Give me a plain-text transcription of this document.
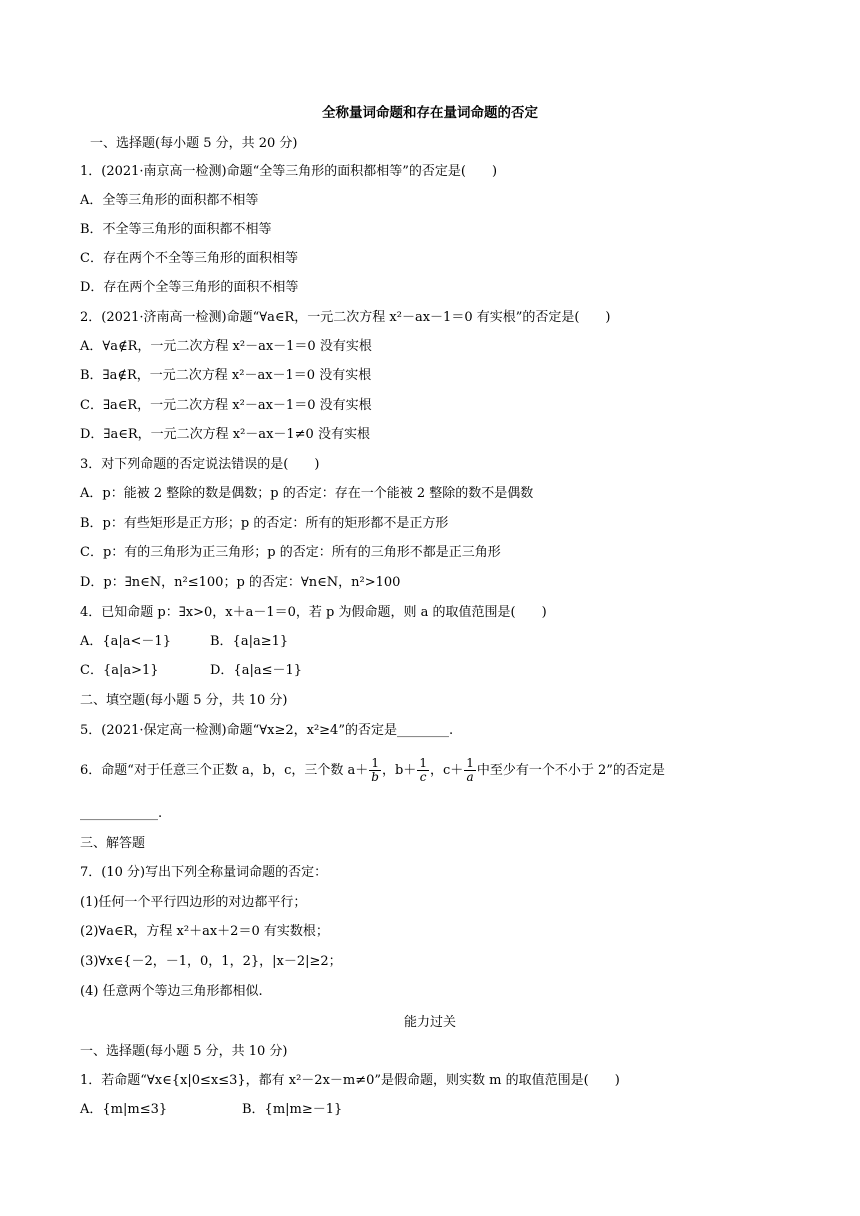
全称量词命题和存在量词命题的否定
一、选择题(每小题 5 分，共 20 分)
1．(2021·南京高一检测)命题“全等三角形的面积都相等”的否定是(　　)
A．全等三角形的面积都不相等
B．不全等三角形的面积都不相等
C．存在两个不全等三角形的面积相等
D．存在两个全等三角形的面积不相等
2．(2021·济南高一检测)命题“∀a∈R，一元二次方程 x²－ax－1＝0 有实根”的否定是(　　)
A．∀a∉R，一元二次方程 x²－ax－1＝0 没有实根
B．∃a∉R，一元二次方程 x²－ax－1＝0 没有实根
C．∃a∈R，一元二次方程 x²－ax－1＝0 没有实根
D．∃a∈R，一元二次方程 x²－ax－1≠0 没有实根
3．对下列命题的否定说法错误的是(　　)
A．p：能被 2 整除的数是偶数；p 的否定：存在一个能被 2 整除的数不是偶数
B．p：有些矩形是正方形；p 的否定：所有的矩形都不是正方形
C．p：有的三角形为正三角形；p 的否定：所有的三角形不都是正三角形
D．p：∃n∈N，n²≤100；p 的否定：∀n∈N，n²>100
4．已知命题 p：∃x>0，x＋a－1＝0，若 p 为假命题，则 a 的取值范围是(　　)
A．{a|a<－1}	B．{a|a≥1}
C．{a|a>1}	D．{a|a≤－1}
二、填空题(每小题 5 分，共 10 分)
5．(2021·保定高一检测)命题“∀x≥2，x²≥4”的否定是________.
6．命题“对于任意三个正数 a，b，c，三个数 $a+ \frac{1}{b}$ ，$b+ \frac{1}{c}$ ，$c+ \frac{1}{a}$ 中至少有一个不小于 2”的否定是
____________.
三、解答题
7．(10 分)写出下列全称量词命题的否定：
(1)任何一个平行四边形的对边都平行；
(2)∀a∈R，方程 x²＋ax＋2＝0 有实数根；
(3)∀x∈{－2，－1，0，1，2}，|x－2|≥2；
(4) 任意两个等边三角形都相似.
能力过关
一、选择题(每小题 5 分，共 10 分)
1．若命题“∀x∈{x|0≤x≤3}，都有 x²－2x－m≠0”是假命题，则实数 m 的取值范围是(　　)
A．{m|m≤3}	B．{m|m≥－1}
